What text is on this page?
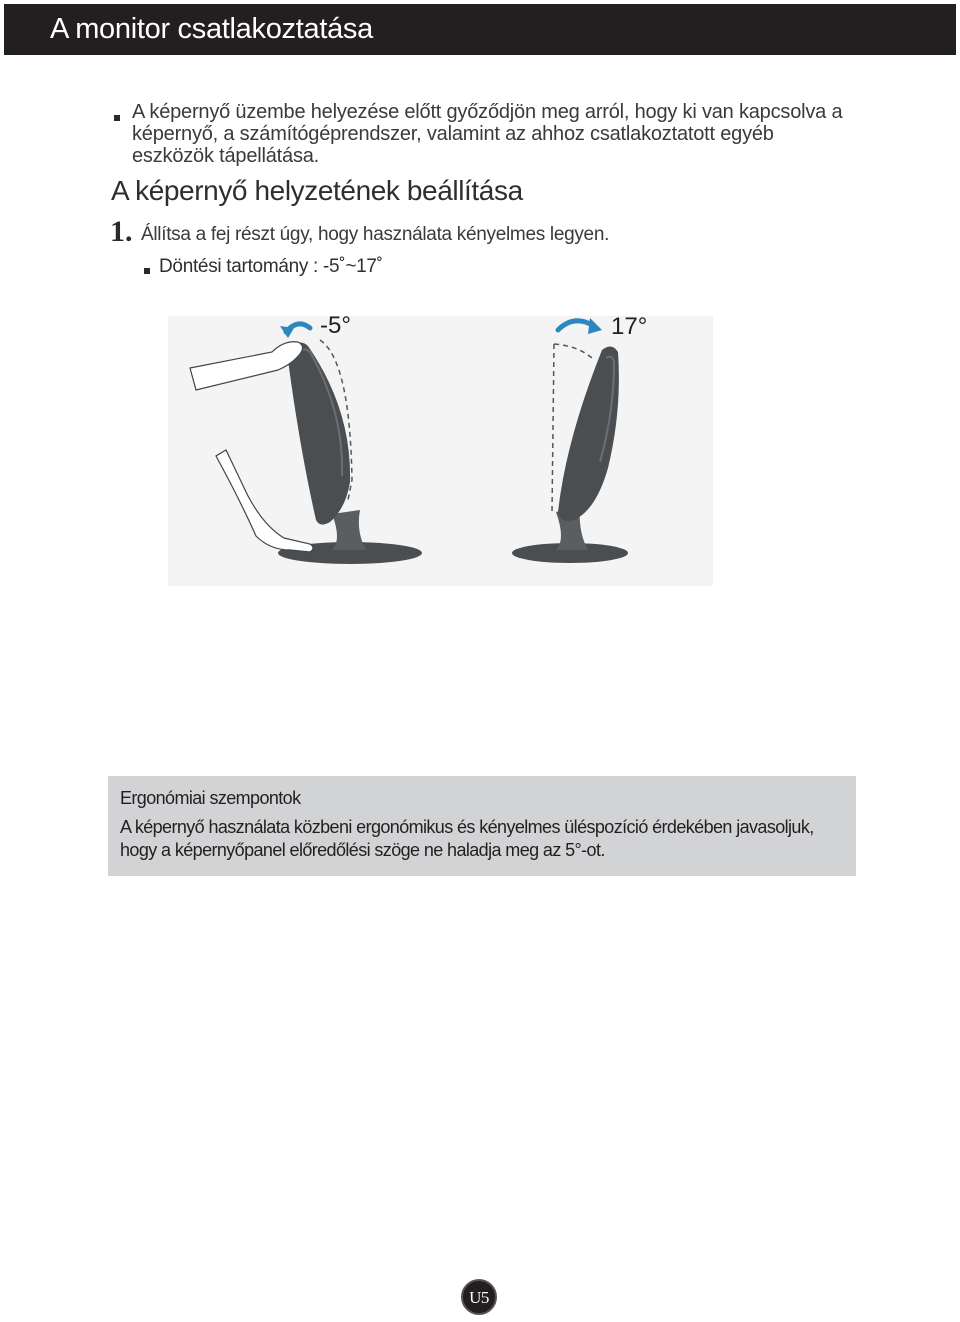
A monitor csatlakoztatása
A képernyő üzembe helyezése előtt győződjön meg arról, hogy ki van kapcsolva a képernyő, a számítógéprendszer, valamint az ahhoz csatlakoztatott egyéb eszközök tápellátása.
A képernyő helyzetének beállítása
1. Állítsa a fej részt úgy, hogy használata kényelmes legyen.
Döntési tartomány : -5˚~17˚
-5°	17°
Ergonómiai szempontok
A képernyő használata közbeni ergonómikus és kényelmes üléspozíció érdekében javasoljuk, hogy a képernyőpanel előredőlési szöge ne haladja meg az 5°-ot.
U5
